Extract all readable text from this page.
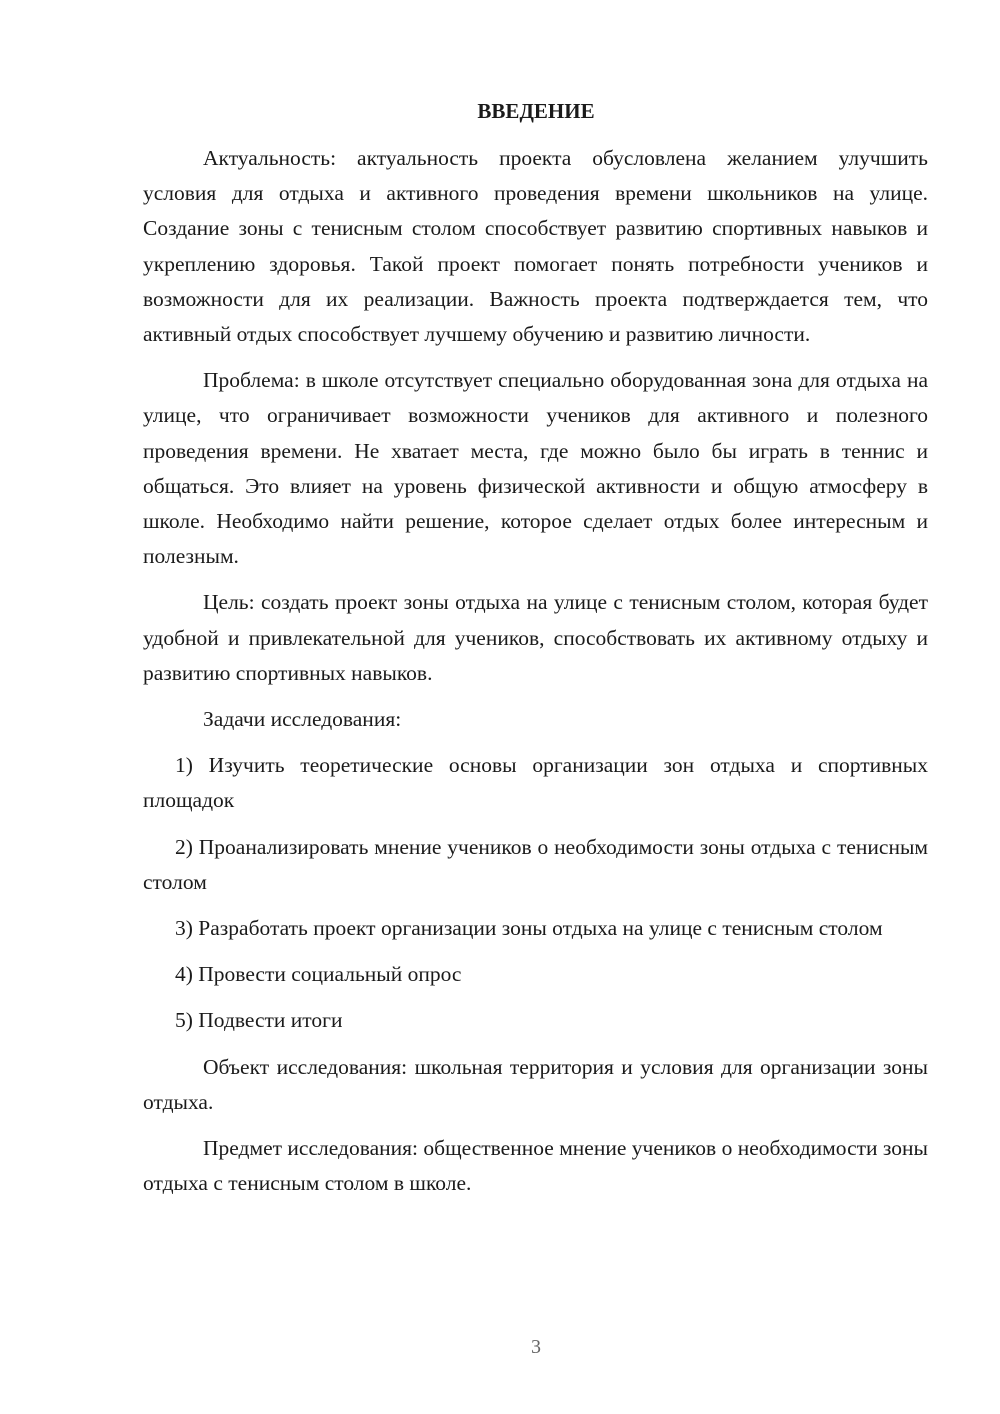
ВВЕДЕНИЕ

Актуальность: актуальность проекта обусловлена желанием улучшить условия для отдыха и активного проведения времени школьников на улице. Создание зоны с тенисным столом способствует развитию спортивных навыков и укреплению здоровья. Такой проект помогает понять потребности учеников и возможности для их реализации. Важность проекта подтверждается тем, что активный отдых способствует лучшему обучению и развитию личности.

Проблема: в школе отсутствует специально оборудованная зона для отдыха на улице, что ограничивает возможности учеников для активного и полезного проведения времени. Не хватает места, где можно было бы играть в теннис и общаться. Это влияет на уровень физической активности и общую атмосферу в школе. Необходимо найти решение, которое сделает отдых более интересным и полезным.

Цель: создать проект зоны отдыха на улице с тенисным столом, которая будет удобной и привлекательной для учеников, способствовать их активному отдыху и развитию спортивных навыков.

Задачи исследования:

1) Изучить теоретические основы организации зон отдыха и спортивных площадок

2) Проанализировать мнение учеников о необходимости зоны отдыха с тенисным столом

3) Разработать проект организации зоны отдыха на улице с тенисным столом

4) Провести социальный опрос

5) Подвести итоги

Объект исследования: школьная территория и условия для организации зоны отдыха.

Предмет исследования: общественное мнение учеников о необходимости зоны отдыха с тенисным столом в школе.

3
